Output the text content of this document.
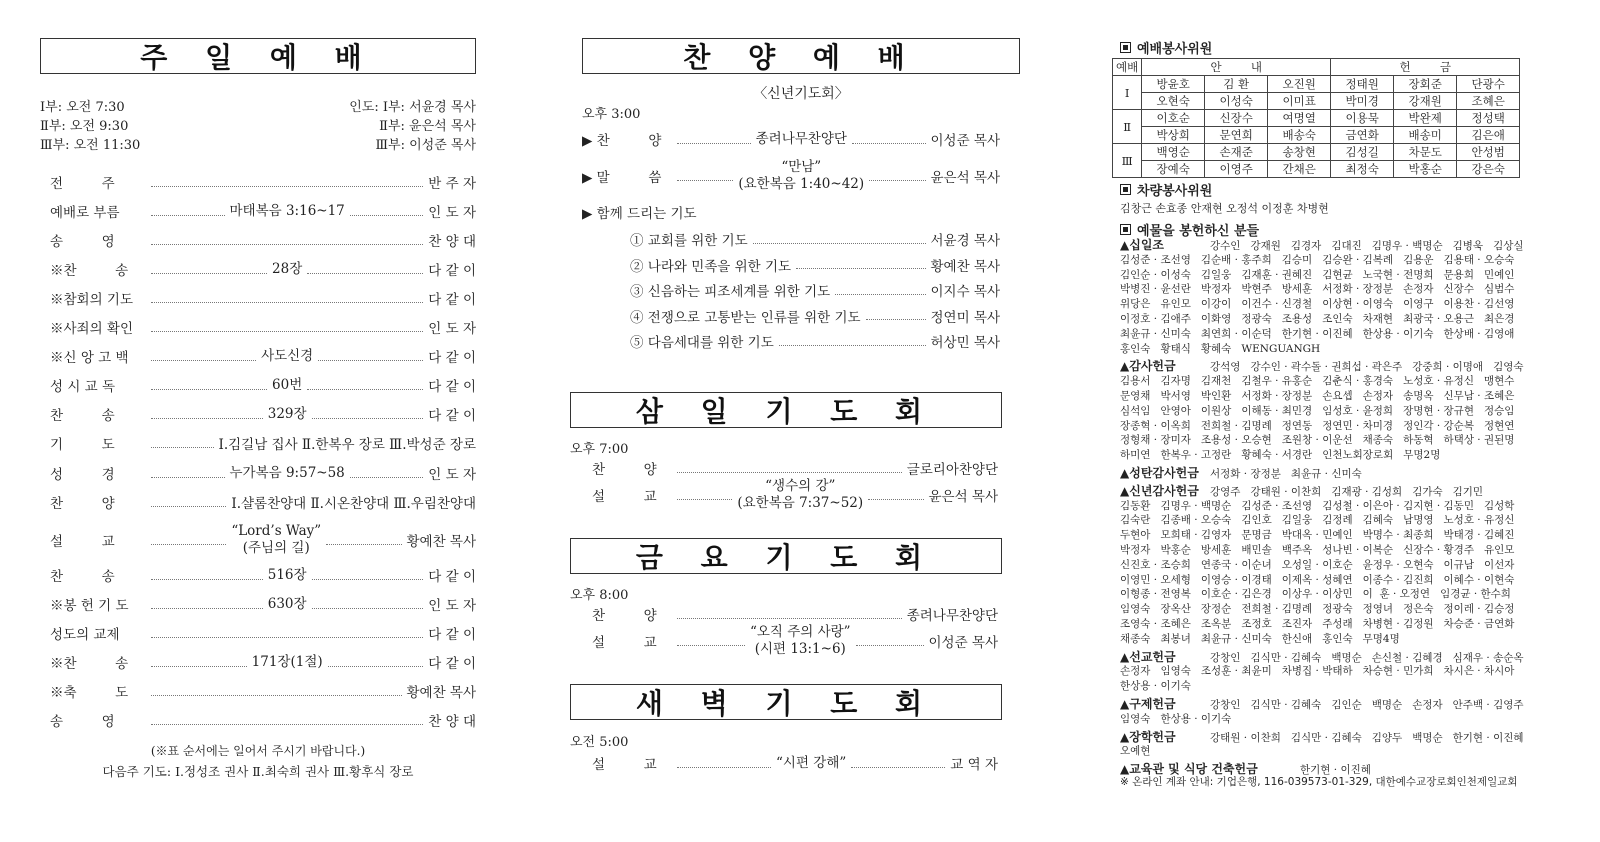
주 일 예 배
Ⅰ부: 오전 7:30
Ⅱ부: 오전 9:30
Ⅲ부: 오전 11:30
인도: Ⅰ부: 서윤경 목사
Ⅱ부: 윤은석 목사
Ⅲ부: 이성준 목사
전         주	반 주 자
예배로 부름	마태복음 3:16~17	인 도 자
송         영	찬 양 대
※찬         송	28장	다 같 이
※참회의 기도	다 같 이
※사죄의 확인	인 도 자
※신 앙 고 백	사도신경	다 같 이
성 시 교 독	60번	다 같 이
찬         송	329장	다 같 이
기         도	Ⅰ.김길남 집사 Ⅱ.한복우 장로 Ⅲ.박성준 장로
성         경	누가복음 9:57~58	인 도 자
찬         양	Ⅰ.샬롬찬양대 Ⅱ.시온찬양대 Ⅲ.우림찬양대
설         교
“Lord’s Way”
(주님의 길)	황예찬 목사
찬         송	516장	다 같 이
※봉 헌 기 도	630장	인 도 자
성도의 교제	다 같 이
※찬         송	171장(1절)	다 같 이
※축         도	황예찬 목사
송         영	찬 양 대
(※표 순서에는 일어서 주시기 바랍니다.)
다음주 기도: Ⅰ.정성조 권사 Ⅱ.최숙희 권사 Ⅲ.황후식 장로
찬 양 예 배
〈신년기도회〉
오후 3:00
▶ 찬         양	종려나무찬양단	이성준 목사
▶ 말         씀
“만남”
(요한복음 1:40~42)	윤은석 목사
▶ 함께 드리는 기도
① 교회를 위한 기도	서윤경 목사
② 나라와 민족을 위한 기도	황예찬 목사
③ 신음하는 피조세계를 위한 기도	이지수 목사
④ 전쟁으로 고통받는 인류를 위한 기도	정연미 목사
⑤ 다음세대를 위한 기도	허상민 목사
삼 일 기 도 회
오후 7:00
찬         양	글로리아찬양단
설         교
“생수의 강”
(요한복음 7:37~52)	윤은석 목사
금 요 기 도 회
오후 8:00
찬         양	종려나무찬양단
설         교
“오직 주의 사랑”
(시편 13:1~6)	이성준 목사
새 벽 기 도 회
오전 5:00
설         교	“시편 강해”	교 역 자
예배봉사위원
예배	안        내			헌        금		
Ⅰ	방윤호	김 환	오진원	정태원	장회준	단광수
	오현숙	이성숙	이미표	박미경	강재원	조혜은
Ⅱ	이호순	신장수	여명열	이용묵	박완제	정성택
	박상희	문연희	배송숙	금연화	배송미	김은애
Ⅲ	백영순	손재준	송창현	김성길	차문도	안성범
	장예숙	이영주	간채은	최정숙	박홍순	강은숙
차량봉사위원
김창근 손효종 안재현 오정석 이정훈 차병현
예물을 봉헌하신 분들
▲십일조	강수인   강재원   김경자   김대진   김명우 · 백명순   김병욱   김상실
김성준 · 조선영   김순배 · 홍주희   김승미   김승완 · 김복례   김용운   김용태 · 오승숙
김인순 · 이성숙   김일웅   김재훈 · 권혜진   김현균   노국현 · 전명희   문용희   민예인
박병진 · 윤선란   박정자   박현주   방세훈   서정화 · 장정분   손정자   신장수   심범수
위당은   유인모   이강이   이건수 · 신경철   이상현 · 이영숙   이영구   이용찬 · 김선영
이정호 · 김애주   이화영   정광숙   조용성   조인숙   차재현   최광국 · 오용근   최은경
최윤규 · 신미숙   최연희 · 이순덕   한기현 · 이진혜   한상용 · 이기숙   한상배 · 김영애
홍인숙   황태식   황혜숙   WENGUANGH
▲감사헌금	강석영   강수인 · 곽수돌 · 권희섭 · 곽은주   강중희 · 이명애   김영숙
김용서   김자명   김재천   김철우 · 유홍순   김춘식 · 홍경숙   노성호 · 유정신   맹현수
문영채   박서영   박인환   서정화 · 장정분   손요셉   손정자   송명옥   신무남 · 조혜은
심석임   안영아   이원상   이해동 · 최민경   임성호 · 윤정희   장명현 · 장규현   정승임
장종혁 · 이옥희   전희철 · 김명례   정연동   정연민 · 차미경   정인각 · 강순복   정현연
정형채 · 장미자   조용성 · 오승현   조원창 · 이운선   채종숙   하동혁   하택상 · 권된명
하미연   한복우 · 고정란   황혜숙 · 서경란   인천노회장로회   무명2명
▲성탄감사헌금 서정화 · 장정분   최윤규 · 신미숙
▲신년감사헌금 강영주   강태원 · 이찬희   김재광 · 김성희   김가숙   김기민
김동환   김명우 · 백명순   김성준 · 조선영   김성철 · 이은아 · 김지현 · 김동민   김성학
김숙란   김종배 · 오승숙   김인호   김일웅   김정례   김혜숙   남명영   노성호 · 유정신
두현아   모희태 · 김영자   문명금   박대옥 · 민예인   박명수 · 최종희   박태경 · 김혜진
박정자   박홍순   방세훈   배민솔   백주옥   성나빈 · 이복순   신장수 · 황경주   유인모
신진호 · 조승희   연종국 · 이순녀   오성일 · 이호순   윤정우 · 오현숙   이규남   이선자
이영민 · 오세형   이영승 · 이경태   이제옥 · 성혜연   이종수 · 김진희   이혜수 · 이현숙
이형종 · 전영복   이호순 · 김은경   이상우 · 이상민   이  훈 · 오정연   임경균 · 한수희
임영숙   장옥산   장정순   전희철 · 김명례   정광숙   정영녀   정은숙   정이레 · 김승정
조영숙 · 조혜은   조옥분   조정호   조진자   주성래   차병현 · 김정원   차승준 · 금연화
채종숙   최봉녀   최윤규 · 신미숙   한신애   홍인숙   무명4명
▲선교헌금	강창인   김식만 · 김혜숙   백명순   손신철 · 김혜경   심재우 · 송순옥
손정자   임영숙   조성훈 · 최윤미   차병집 · 박태하   차승현 · 민가희   차시은 · 차시아
한상용 · 이기숙
▲구제헌금	강창인   김식만 · 김혜숙   김인순   백명순   손정자   안주백 · 김영주
임영숙   한상용 · 이기숙
▲장학헌금	강태원 · 이찬희   김식만 · 김혜숙   김양두   백명순   한기현 · 이진혜
오예현
▲교육관 및 식당 건축헌금	한기현 · 이진혜
※ 온라인 계좌 안내: 기업은행, 116-039573-01-329, 대한예수교장로회인천제일교회
